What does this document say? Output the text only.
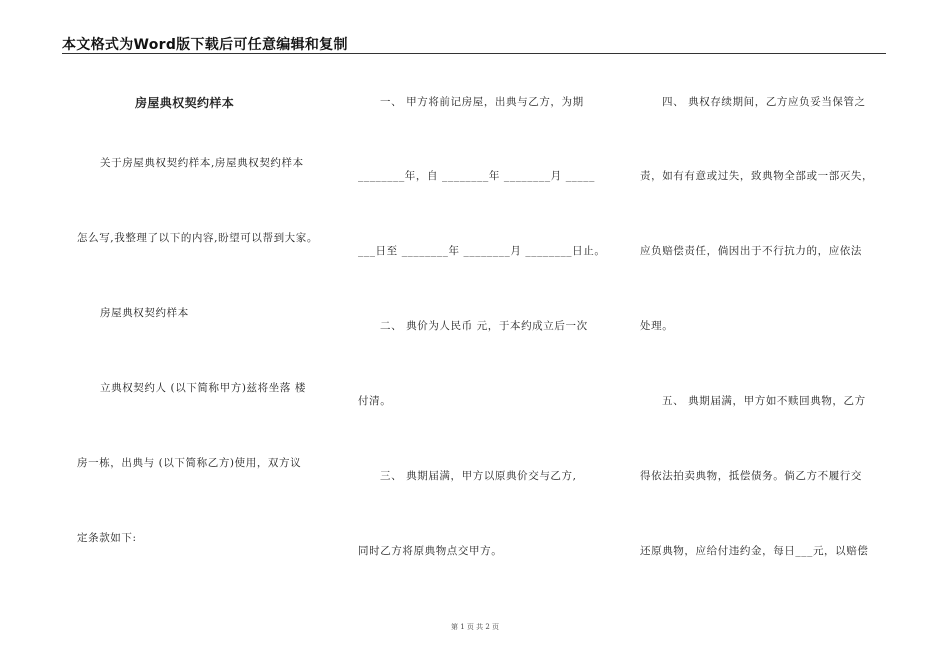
本文格式为Word版下载后可任意编辑和复制
房屋典权契约样本
关于房屋典权契约样本,房屋典权契约样本
怎么写,我整理了以下的内容,盼望可以帮到大家。
房屋典权契约样本
立典权契约人 (以下简称甲方)兹将坐落 楼
房一栋，出典与 (以下简称乙方)使用，双方议
定条款如下:
一、 甲方将前记房屋，出典与乙方，为期
________年，自 ________年 ________月 _____
___日至 ________年 ________月 ________日止。
二、 典价为人民币 元，于本约成立后一次
付清。
三、 典期届满，甲方以原典价交与乙方,
同时乙方将原典物点交甲方。
四、 典权存续期间，乙方应负妥当保管之
责，如有有意或过失，致典物全部或一部灭失，
应负赔偿责任，倘因出于不行抗力的，应依法
处理。
五、 典期届满，甲方如不赎回典物，乙方
得依法拍卖典物，抵偿债务。倘乙方不履行交
还原典物，应给付违约金，每日___元，以赔偿
第 1 页 共 2 页
